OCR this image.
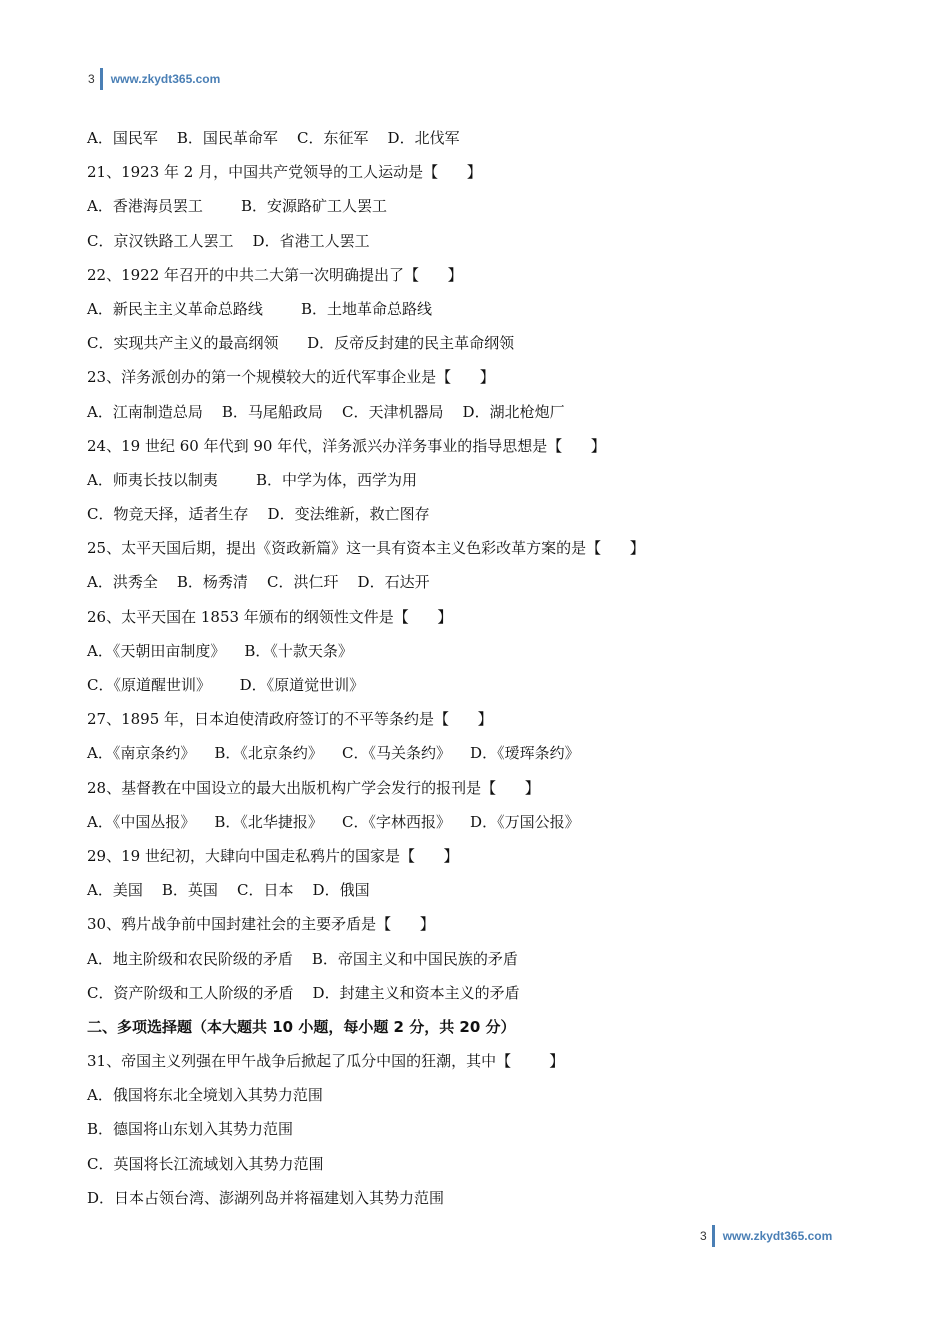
3 www.zkydt365.com
A．国民军    B．国民革命军    C．东征军    D．北伐军
21、1923 年 2 月，中国共产党领导的工人运动是【      】
A．香港海员罢工        B．安源路矿工人罢工
C．京汉铁路工人罢工    D．省港工人罢工
22、1922 年召开的中共二大第一次明确提出了【      】
A．新民主主义革命总路线        B．土地革命总路线
C．实现共产主义的最高纲领      D．反帝反封建的民主革命纲领
23、洋务派创办的第一个规模较大的近代军事企业是【      】
A．江南制造总局    B．马尾船政局    C．天津机器局    D．湖北枪炮厂
24、19 世纪 60 年代到 90 年代，洋务派兴办洋务事业的指导思想是【      】
A．师夷长技以制夷        B．中学为体，西学为用
C．物竞天择，适者生存    D．变法维新，救亡图存
25、太平天国后期，提出《资政新篇》这一具有资本主义色彩改革方案的是【      】
A．洪秀全    B．杨秀清    C．洪仁玕    D．石达开
26、太平天国在 1853 年颁布的纲领性文件是【      】
A．《天朝田亩制度》    B．《十款天条》
C．《原道醒世训》      D．《原道觉世训》
27、1895 年，日本迫使清政府签订的不平等条约是【      】
A．《南京条约》    B．《北京条约》    C．《马关条约》    D．《瑷珲条约》
28、基督教在中国设立的最大出版机构广学会发行的报刊是【      】
A．《中国丛报》    B．《北华捷报》    C．《字林西报》    D．《万国公报》
29、19 世纪初，大肆向中国走私鸦片的国家是【      】
A．美国    B．英国    C．日本    D．俄国
30、鸦片战争前中国封建社会的主要矛盾是【      】
A．地主阶级和农民阶级的矛盾    B．帝国主义和中国民族的矛盾
C．资产阶级和工人阶级的矛盾    D．封建主义和资本主义的矛盾
二、多项选择题（本大题共 10 小题，每小题 2 分，共 20 分）
31、帝国主义列强在甲午战争后掀起了瓜分中国的狂潮，其中【        】
A．俄国将东北全境划入其势力范围
B．德国将山东划入其势力范围
C．英国将长江流域划入其势力范围
D．日本占领台湾、澎湖列岛并将福建划入其势力范围
3 www.zkydt365.com
